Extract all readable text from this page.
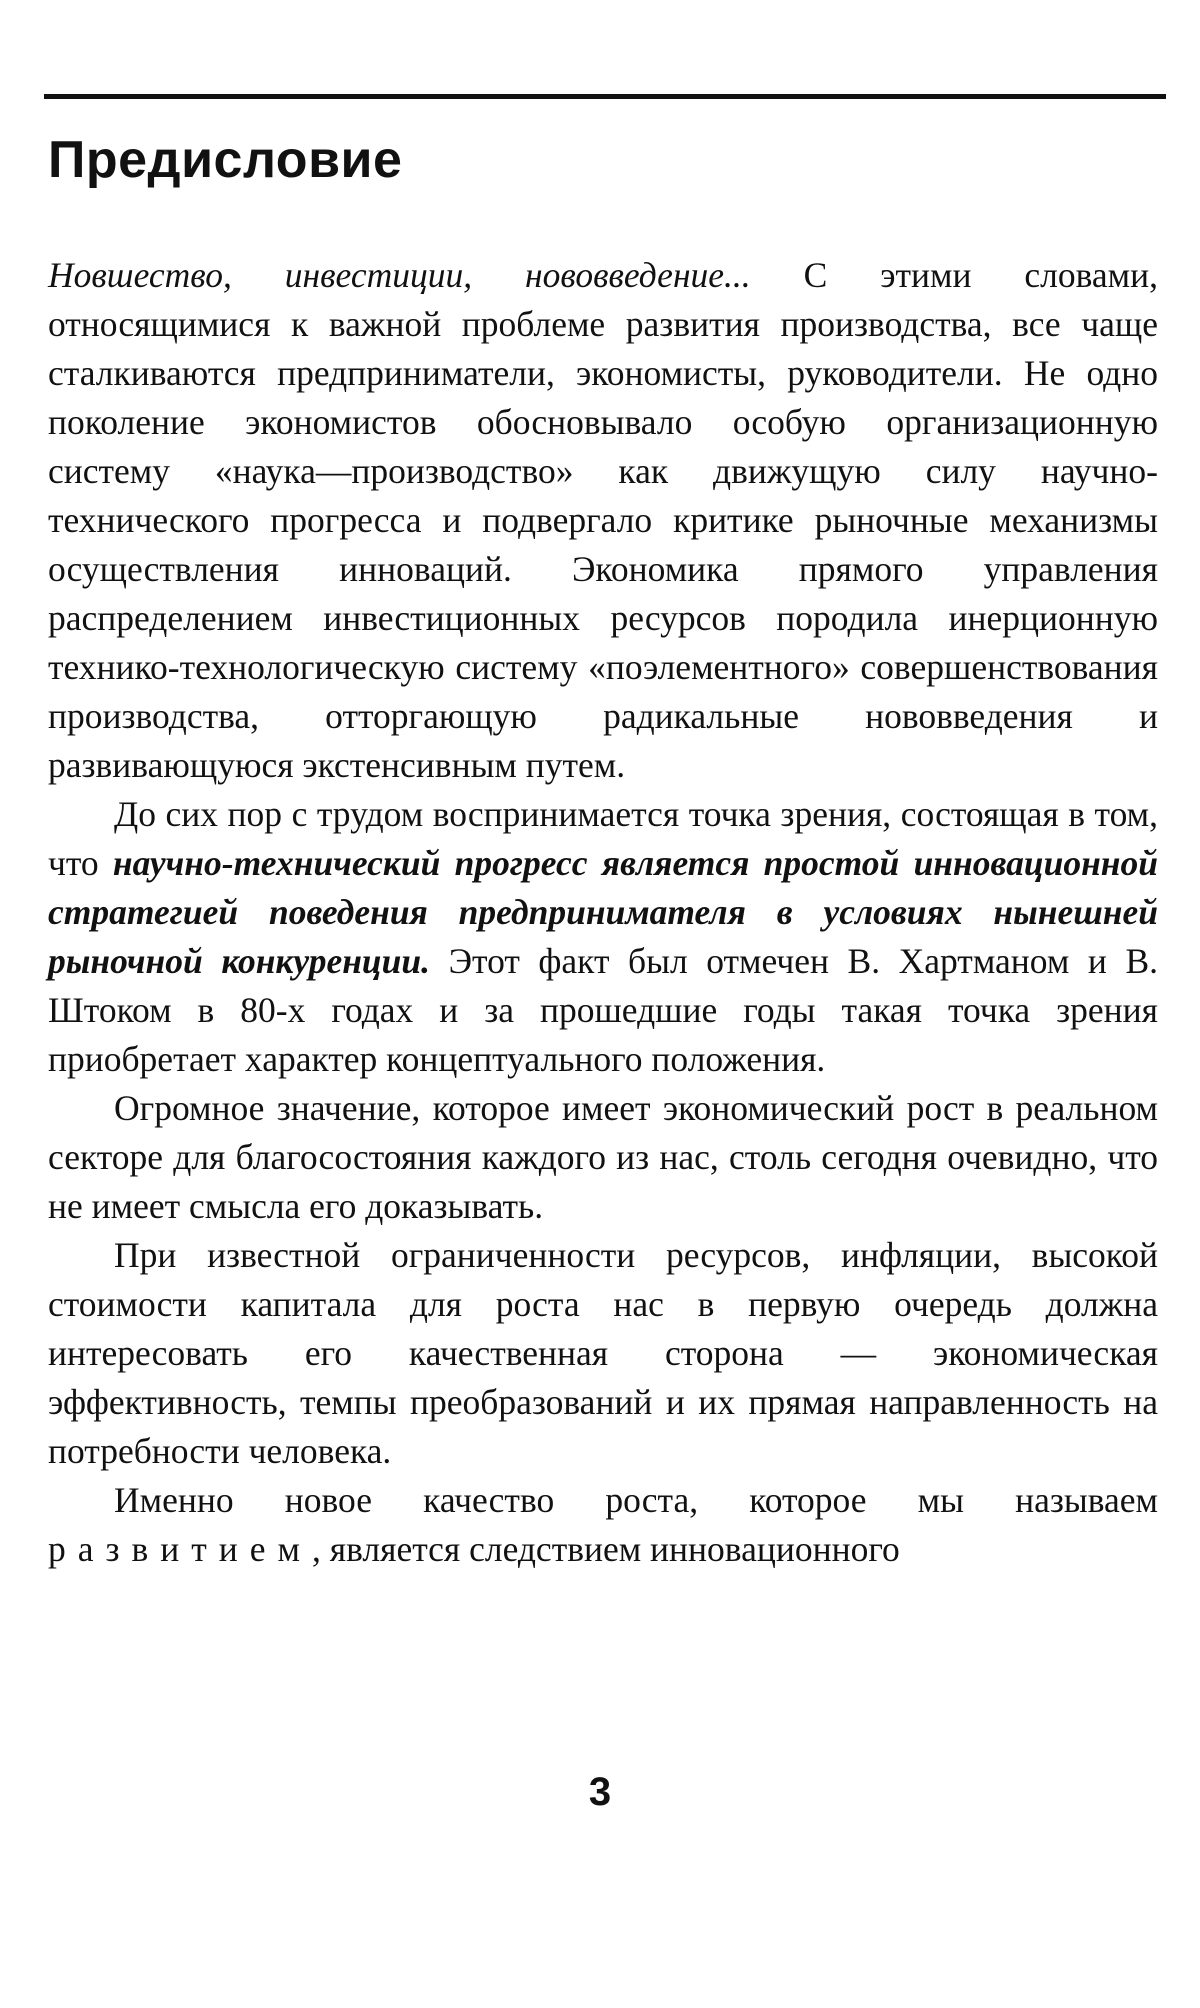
Предисловие

Новшество, инвестиции, нововведение... С этими словами, относящимися к важной проблеме развития производства, все чаще сталкиваются предприниматели, экономисты, руководители. Не одно поколение экономистов обосновывало особую организационную систему «наука—производство» как движущую силу научно-технического прогресса и подвергало критике рыночные механизмы осуществления инноваций. Экономика прямого управления распределением инвестиционных ресурсов породила инерционную технико-технологическую систему «поэлементного» совершенствования производства, отторгающую радикальные нововведения и развивающуюся экстенсивным путем.

До сих пор с трудом воспринимается точка зрения, состоящая в том, что научно-технический прогресс является простой инновационной стратегией поведения предпринимателя в условиях нынешней рыночной конкуренции. Этот факт был отмечен В. Хартманом и В. Штоком в 80-х годах и за прошедшие годы такая точка зрения приобретает характер концептуального положения.

Огромное значение, которое имеет экономический рост в реальном секторе для благосостояния каждого из нас, столь сегодня очевидно, что не имеет смысла его доказывать.

При известной ограниченности ресурсов, инфляции, высокой стоимости капитала для роста нас в первую очередь должна интересовать его качественная сторона — экономическая эффективность, темпы преобразований и их прямая направленность на потребности человека.

Именно новое качество роста, которое мы называем развитием, является следствием инновационного

3
